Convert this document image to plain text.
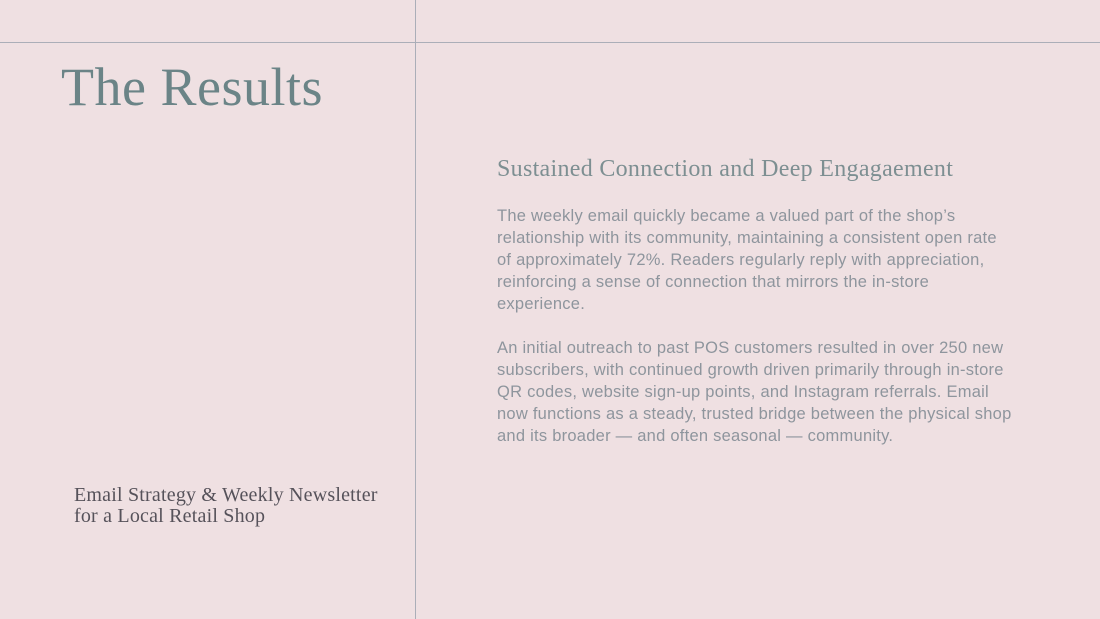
The Results
Sustained Connection and Deep Engagaement

The weekly email quickly became a valued part of the shop’s relationship with its community, maintaining a consistent open rate of approximately 72%. Readers regularly reply with appreciation, reinforcing a sense of connection that mirrors the in-store experience.

An initial outreach to past POS customers resulted in over 250 new subscribers, with continued growth driven primarily through in-store QR codes, website sign-up points, and Instagram referrals. Email now functions as a steady, trusted bridge between the physical shop and its broader — and often seasonal — community.

Email Strategy & Weekly Newsletter
for a Local Retail Shop
